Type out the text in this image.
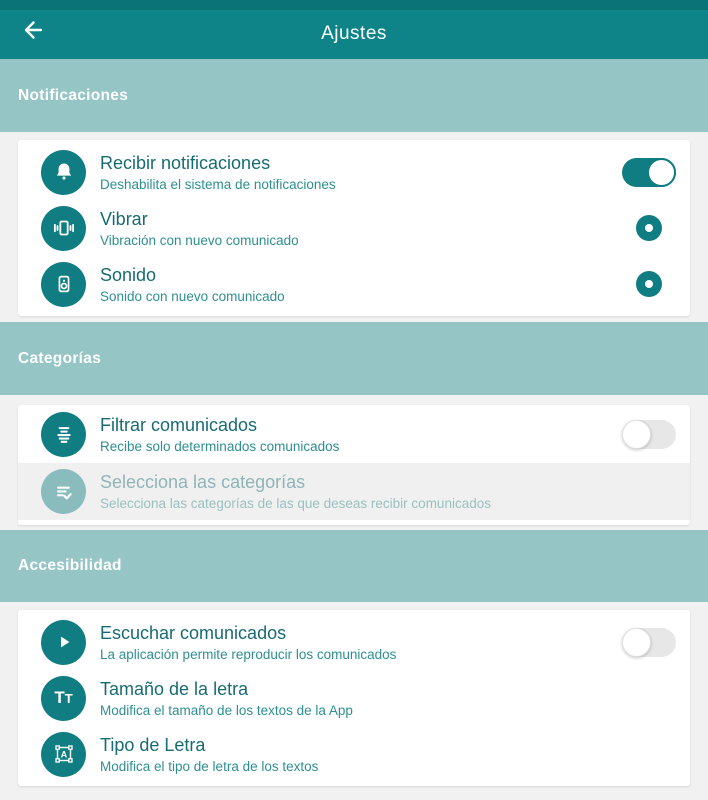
Ajustes
Notificaciones
Recibir notificaciones
Deshabilita el sistema de notificaciones
Vibrar
Vibración con nuevo comunicado
Sonido
Sonido con nuevo comunicado
Categorías
Filtrar comunicados
Recibe solo determinados comunicados
Selecciona las categorías
Selecciona las categorías de las que deseas recibir comunicados
Accesibilidad
Escuchar comunicados
La aplicación permite reproducir los comunicados
TT Tamaño de la letra
Modifica el tamaño de los textos de la App
A Tipo de Letra
Modifica el tipo de letra de los textos
